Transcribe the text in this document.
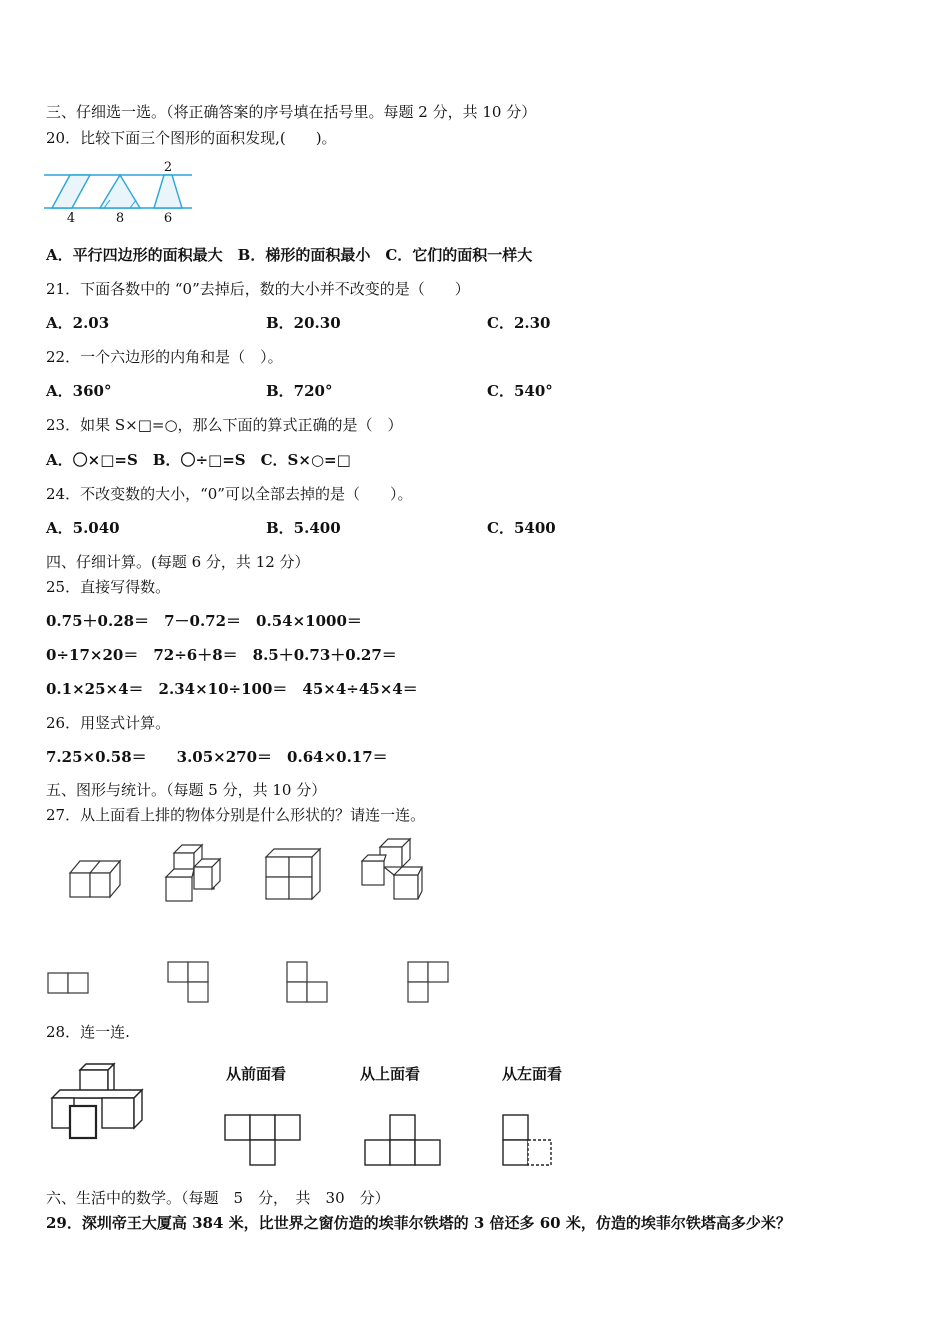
三、仔细选一选。（将正确答案的序号填在括号里。每题 2 分，共 10 分）
20．比较下面三个图形的面积发现,(　　)。
2
4	8	6
A．平行四边形的面积最大　B．梯形的面积最小　C．它们的面积一样大
21．下面各数中的 “0”去掉后，数的大小并不改变的是（　　）
A．2.03	B．20.30	C．2.30
22．一个六边形的内角和是（　）。
A．360°	B．720°	C．540°
23．如果 S×□=○，那么下面的算式正确的是（　）
A．〇×□=S　B．〇÷□=S　C．S×○=□
24．不改变数的大小，“0”可以全部去掉的是（　　）。
A．5.040	B．5.400	C．5400
四、仔细计算。(每题 6 分，共 12 分）
25．直接写得数。
0.75＋0.28＝　7－0.72＝　0.54×1000＝
0÷17×20＝　72÷6＋8＝　8.5＋0.73＋0.27＝
0.1×25×4＝　2.34×10÷100＝　45×4÷45×4＝
26．用竖式计算。
7.25×0.58＝　　3.05×270＝　0.64×0.17＝
五、图形与统计。（每题 5 分，共 10 分）
27．从上面看上排的物体分别是什么形状的？请连一连。
28．连一连.
从前面看	从上面看	从左面看
六、生活中的数学。（每题　5　分，　共　30　分）
29．深圳帝王大厦高 384 米，比世界之窗仿造的埃菲尔铁塔的 3 倍还多 60 米，仿造的埃菲尔铁塔高多少米？
